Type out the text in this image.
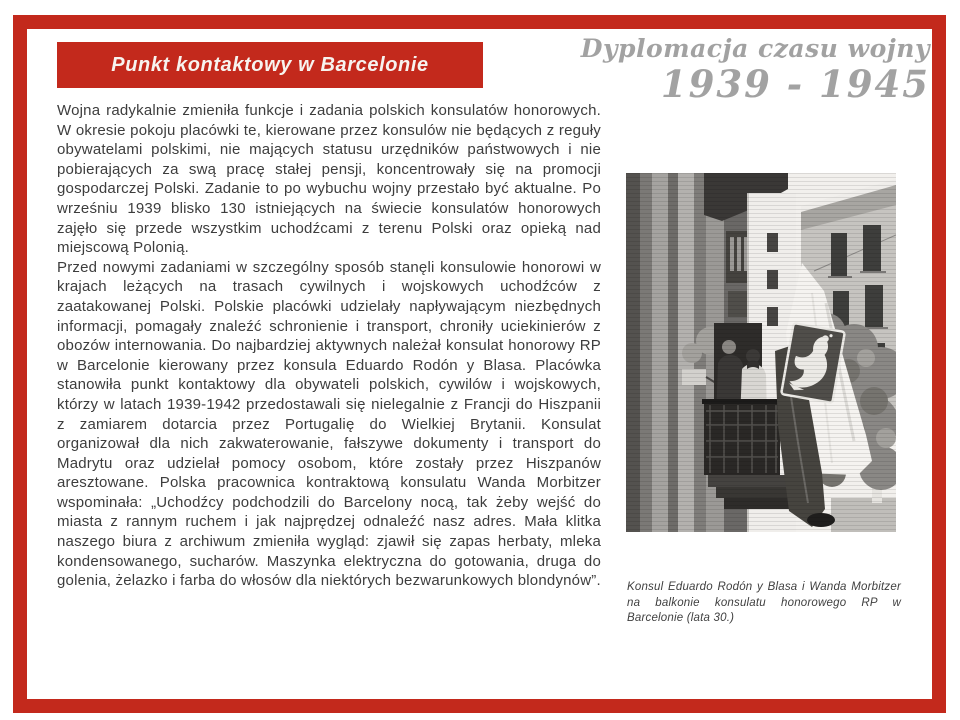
Punkt kontaktowy w Barcelonie
Dyplomacja czasu wojny
1939 - 1945

Wojna radykalnie zmieniła funkcje i zadania polskich konsulatów honorowych. W okresie pokoju placówki te, kierowane przez konsulów nie będących z reguły obywatelami polskimi, nie mających statusu urzędników państwowych i nie pobierających za swą pracę stałej pensji, koncentrowały się na promocji gospodarczej Polski. Zadanie to po wybuchu wojny przestało być aktualne. Po wrześniu 1939 blisko 130 istniejących na świecie konsulatów honorowych zajęło się przede wszystkim uchodźcami z terenu Polski oraz opieką nad miejscową Polonią.

Przed nowymi zadaniami w szczególny sposób stanęli konsulowie honorowi w krajach leżących na trasach cywilnych i wojskowych uchodźców z zaatakowanej Polski. Polskie placówki udzielały napływającym niezbędnych informacji, pomagały znaleźć schronienie i transport, chroniły uciekinierów z obozów internowania. Do najbardziej aktywnych należał konsulat honorowy RP w Barcelonie kierowany przez konsula Eduardo Rodón y Blasa. Placówka stanowiła punkt kontaktowy dla obywateli polskich, cywilów i wojskowych, którzy w latach 1939-1942 przedostawali się nielegalnie z Francji do Hiszpanii z zamiarem dotarcia przez Portugalię do Wielkiej Brytanii. Konsulat organizował dla nich zakwaterowanie, fałszywe dokumenty i transport do Madrytu oraz udzielał pomocy osobom, które zostały przez Hiszpanów aresztowane. Polska pracownica kontraktową konsulatu Wanda Morbitzer wspominała: „Uchodźcy podchodzili do Barcelony nocą, tak żeby wejść do miasta z rannym ruchem i jak najprędzej odnaleźć nasz adres. Mała klitka naszego biura z archiwum zmieniła wygląd: zjawił się zapas herbaty, mleka kondensowanego, sucharów. Maszynka elektryczna do gotowania, druga do golenia, żelazko i farba do włosów dla niektórych bezwarunkowych blondynów”. Konsul Eduardo Rodón y Blasa i Wanda Morbitzer na balkonie konsulatu honorowego RP w Barcelonie (lata 30.)
